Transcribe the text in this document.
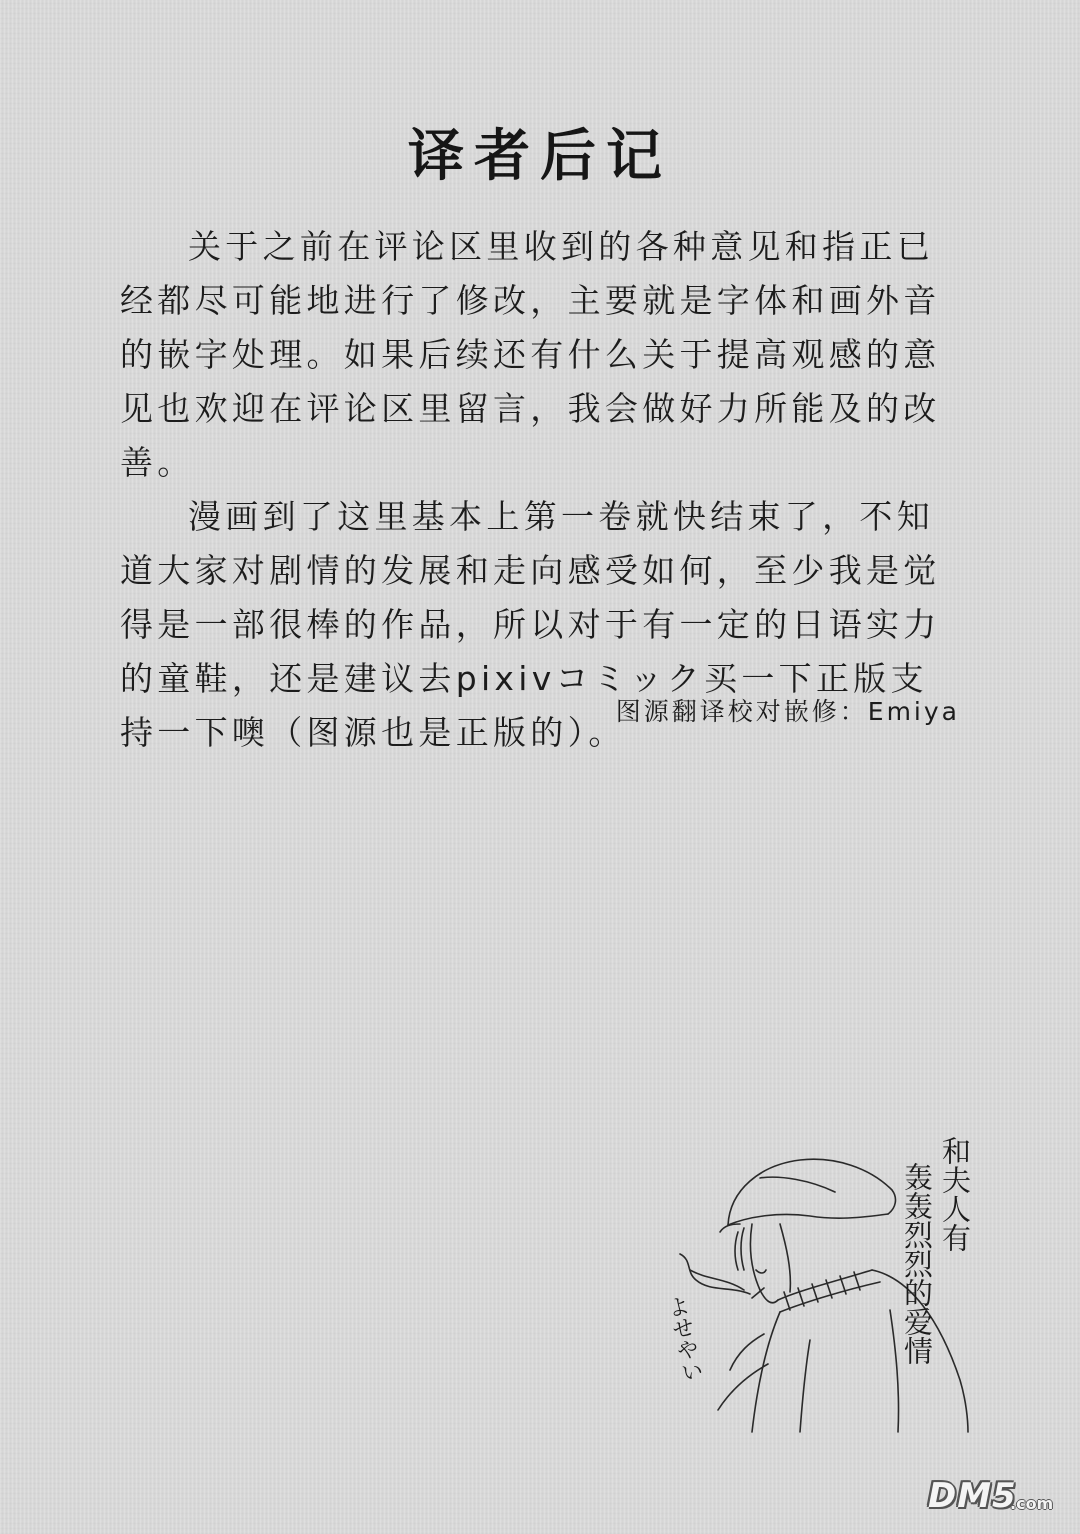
译者后记

关于之前在评论区里收到的各种意见和指正已经都尽可能地进行了修改，主要就是字体和画外音的嵌字处理。如果后续还有什么关于提高观感的意见也欢迎在评论区里留言，我会做好力所能及的改善。

漫画到了这里基本上第一卷就快结束了，不知道大家对剧情的发展和走向感受如何，至少我是觉得是一部很棒的作品，所以对于有一定的日语实力的童鞋，还是建议去pixivコミック买一下正版支持一下噢（图源也是正版的）。

图源翻译校对嵌修：Emiya
和夫人有
轰轰烈烈的爱情
よせやい
DM5
.com
